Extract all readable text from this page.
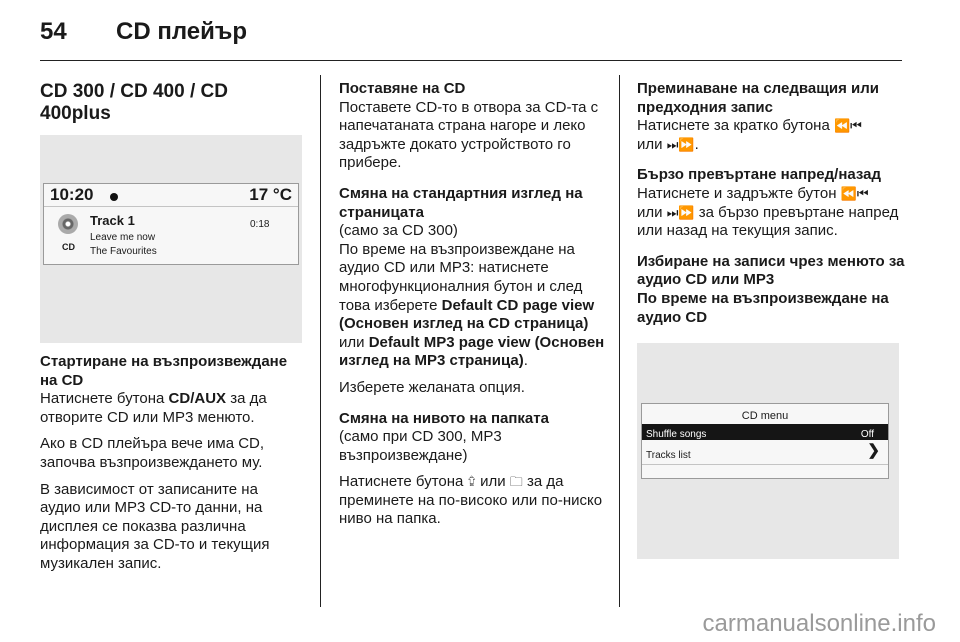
54	CD плейър
CD 300 / CD 400 / CD 400plus
10:20	17 °C
CD
Track 1
Leave me now
The Favourites
0:18
Стартиране на възпроизвеждане на CD
Натиснете бутона CD/AUX за да отворите CD или MP3 менюто.
Ако в CD плейъра вече има CD, започва възпроизвеждането му.
В зависимост от записаните на аудио или MP3 CD-то данни, на дисплея се показва различна информация за CD-то и текущия музикален запис.
Поставяне на CD
Поставете CD-то в отвора за CD-та с напечатаната страна нагоре и леко задръжте докато устройството го прибере.
Смяна на стандартния изглед на страницата
(само за CD 300)
По време на възпроизвеждане на аудио CD или MP3: натиснете многофункционалния бутон и след това изберете Default CD page view (Основен изглед на CD страница) или Default MP3 page view (Основен изглед на MP3 страница).
Изберете желаната опция.
Смяна на нивото на папката
(само при CD 300, MP3 възпроизвеждане)
Натиснете бутона ⮸ или 🗀 за да преминете на по-високо или по-ниско ниво на папка.
Преминаване на следващия или предходния запис
Натиснете за кратко бутона ⏪⏮
или ⏭⏩.
Бързо превъртане напред/назад
Натиснете и задръжте бутон ⏪⏮
или ⏭⏩ за бързо превъртане напред или назад на текущия запис.
Избиране на записи чрез менюто за аудио CD или MP3
По време на възпроизвеждане на аудио CD
CD menu
Shuffle songs	Off
Tracks list	❯
carmanualsonline.info
